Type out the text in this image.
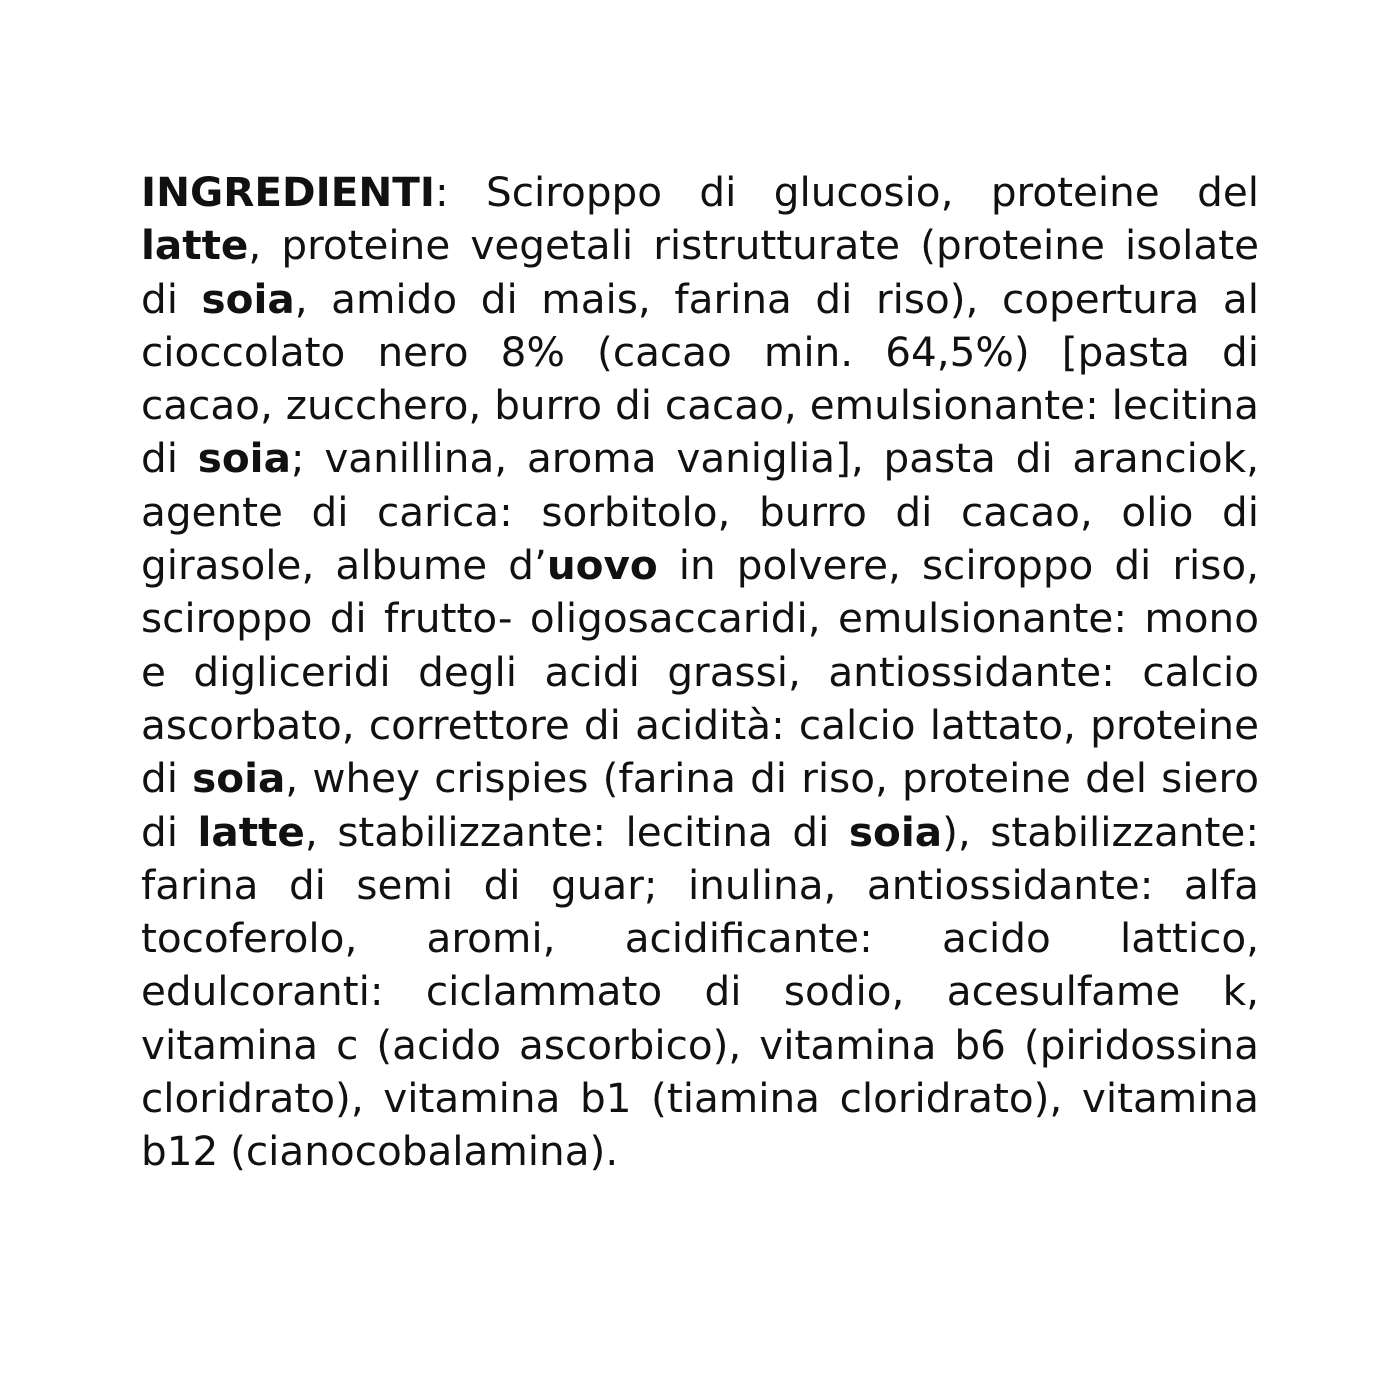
INGREDIENTI: Sciroppo di glucosio, proteine del latte, proteine vegetali ristrutturate (proteine isolate di soia, amido di mais, farina di riso), copertura al cioccolato nero 8% (cacao min. 64,5%) [pasta di cacao, zucchero, burro di cacao, emulsionante: lecitina di soia; vanillina, aroma vaniglia], pasta di aranciok, agente di carica: sorbitolo, burro di cacao, olio di girasole, albume d’uovo in polvere, sciroppo di riso, sciroppo di frutto- oligosaccaridi, emulsionante: mono e digliceridi degli acidi grassi, antiossidante: calcio ascorbato, correttore di acidità: calcio lattato, proteine di soia, whey crispies (farina di riso, proteine del siero di latte, stabilizzante: lecitina di soia), stabilizzante: farina di semi di guar; inulina, antiossidante: alfa tocoferolo, aromi, acidificante: acido lattico, edulcoranti: ciclammato di sodio, acesulfame k, vitamina c (acido ascorbico), vitamina b6 (piridossina cloridrato), vitamina b1 (tiamina cloridrato), vitamina b12 (cianocobalamina).
